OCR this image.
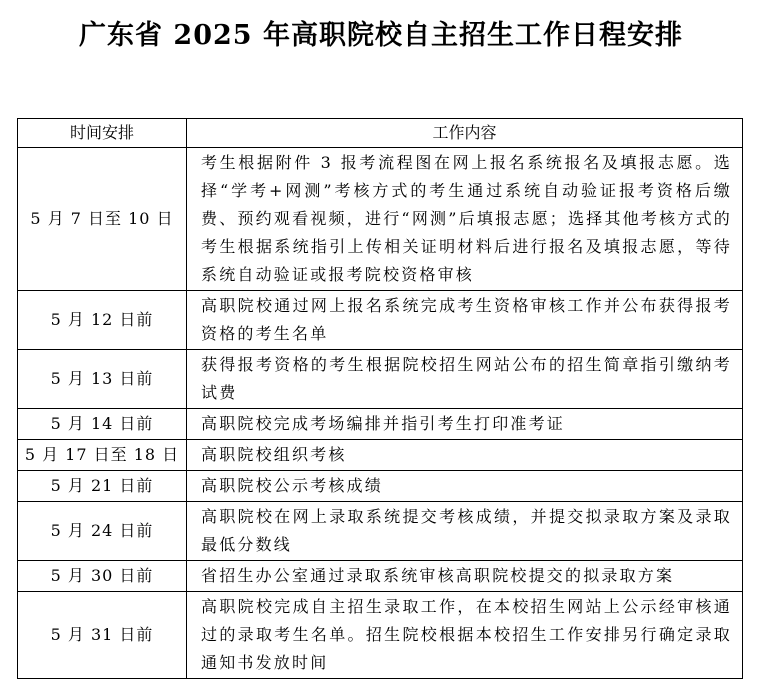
广东省 2025 年高职院校自主招生工作日程安排
时间安排	工作内容
5 月 7 日至 10 日	考生根据附件 3 报考流程图在网上报名系统报名及填报志愿。选择“学考+网测”考核方式的考生通过系统自动验证报考资格后缴费、预约观看视频，进行“网测”后填报志愿；选择其他考核方式的考生根据系统指引上传相关证明材料后进行报名及填报志愿，等待系统自动验证或报考院校资格审核
5 月 12 日前	高职院校通过网上报名系统完成考生资格审核工作并公布获得报考资格的考生名单
5 月 13 日前	获得报考资格的考生根据院校招生网站公布的招生简章指引缴纳考试费
5 月 14 日前	高职院校完成考场编排并指引考生打印准考证
5 月 17 日至 18 日	高职院校组织考核
5 月 21 日前	高职院校公示考核成绩
5 月 24 日前	高职院校在网上录取系统提交考核成绩，并提交拟录取方案及录取最低分数线
5 月 30 日前	省招生办公室通过录取系统审核高职院校提交的拟录取方案
5 月 31 日前	高职院校完成自主招生录取工作，在本校招生网站上公示经审核通过的录取考生名单。招生院校根据本校招生工作安排另行确定录取通知书发放时间
